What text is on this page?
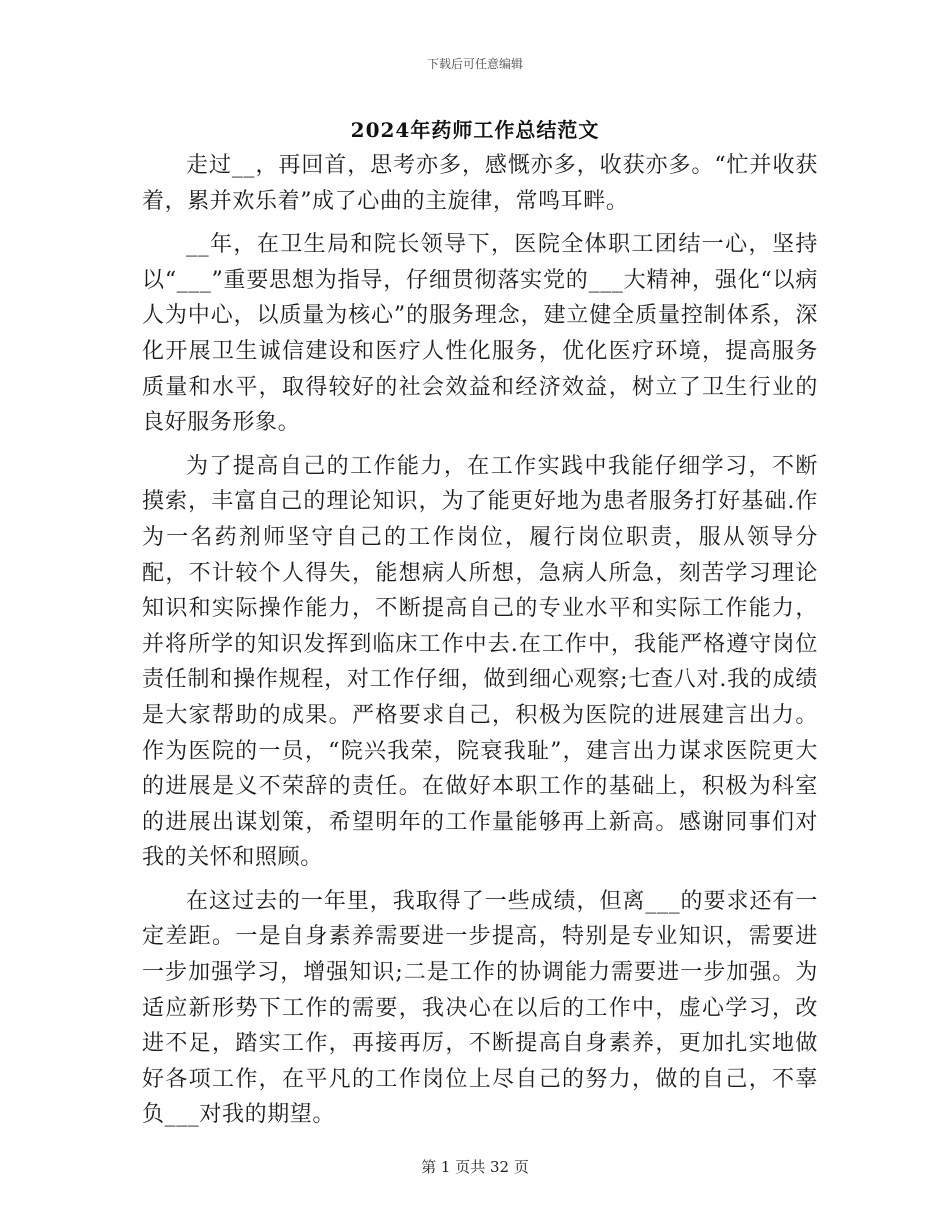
下载后可任意编辑
2024年药师工作总结范文

走过__，再回首，思考亦多，感慨亦多，收获亦多。“忙并收获着，累并欢乐着”成了心曲的主旋律，常鸣耳畔。

__年，在卫生局和院长领导下，医院全体职工团结一心，坚持以“___”重要思想为指导，仔细贯彻落实党的___大精神，强化“以病人为中心，以质量为核心”的服务理念，建立健全质量控制体系，深化开展卫生诚信建设和医疗人性化服务，优化医疗环境，提高服务质量和水平，取得较好的社会效益和经济效益，树立了卫生行业的良好服务形象。

为了提高自己的工作能力，在工作实践中我能仔细学习，不断摸索，丰富自己的理论知识，为了能更好地为患者服务打好基础.作为一名药剂师坚守自己的工作岗位，履行岗位职责，服从领导分配，不计较个人得失，能想病人所想，急病人所急，刻苦学习理论知识和实际操作能力，不断提高自己的专业水平和实际工作能力，并将所学的知识发挥到临床工作中去.在工作中，我能严格遵守岗位责任制和操作规程，对工作仔细，做到细心观察;七查八对.我的成绩是大家帮助的成果。严格要求自己，积极为医院的进展建言出力。作为医院的一员，“院兴我荣，院衰我耻”，建言出力谋求医院更大的进展是义不荣辞的责任。在做好本职工作的基础上，积极为科室的进展出谋划策，希望明年的工作量能够再上新高。感谢同事们对我的关怀和照顾。

在这过去的一年里，我取得了一些成绩，但离___的要求还有一定差距。一是自身素养需要进一步提高，特别是专业知识，需要进一步加强学习，增强知识;二是工作的协调能力需要进一步加强。为适应新形势下工作的需要，我决心在以后的工作中，虚心学习，改进不足，踏实工作，再接再厉，不断提高自身素养，更加扎实地做好各项工作，在平凡的工作岗位上尽自己的努力，做的自己，不辜负___对我的期望。

第 1 页共 32 页
